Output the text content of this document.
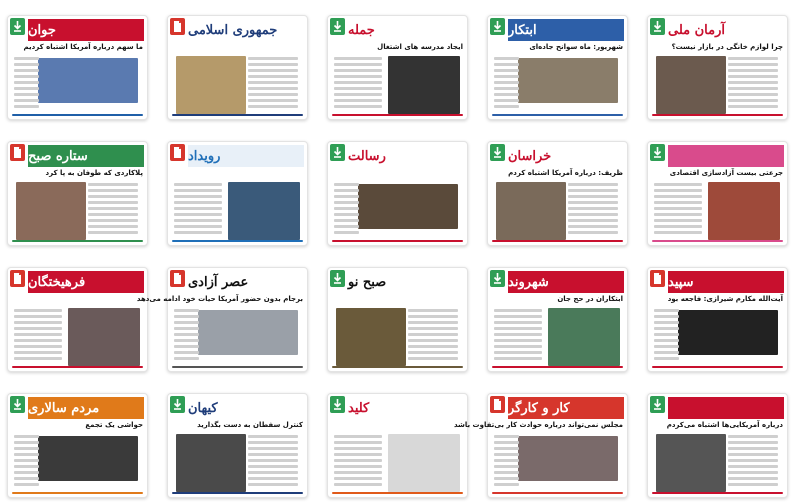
آرمان ملی
چرا لوازم خانگی در بازار نیست؟
ابتکار
شهریور: ماه سوانح جاده‌ای
جمله
ایجاد مدرسه های اشتغال
جمهوری اسلامی
جوان
ما سهم درباره آمریکا اشتباه کردیم
جرعتی بیست آزادسازی اقتصادی
خراسان
ظریف: درباره آمریکا اشتباه کردم
رسالت
رویداد
ستاره صبح
پلاکاردی که طوفان به پا کرد
سپید
آیت‌الله مکارم شیرازی: فاجعه بود
شهروند
ابتکاران در حج جان
صبح نو
عصر آزادی
برجام بدون حضور آمریکا حیات خود ادامه می‌دهد
فرهیختگان
درباره آمریکایی‌ها اشتباه می‌کردم
کار و کارگر
مجلس نمی‌تواند درباره حوادث کار بی‌تفاوت باشد
کلید
کیهان
کنترل سفطان به دست بگذارید
مردم سالاری
حواشی یک تجمع
